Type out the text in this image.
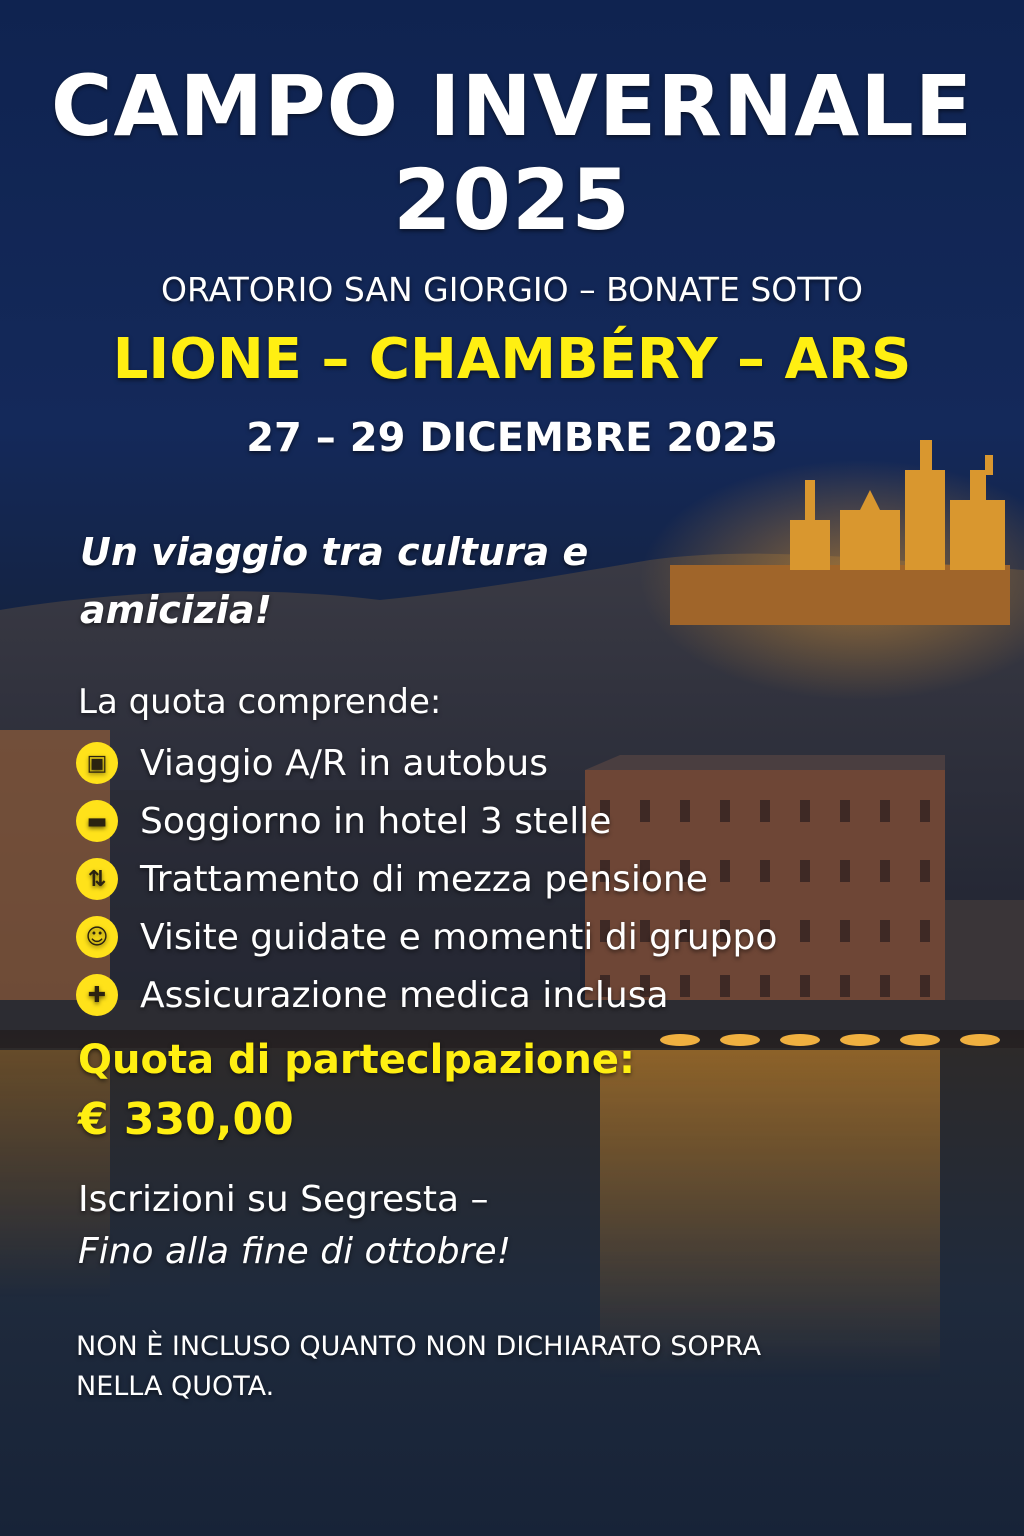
CAMPO INVERNALE
2025
ORATORIO SAN GIORGIO – BONATE SOTTO
LIONE – CHAMBÉRY – ARS
27 – 29 DICEMBRE 2025
Un viaggio tra cultura e
amicizia!
La quota comprende:
▣ Viaggio A/R in autobus
▬ Soggiorno in hotel 3 stelle
⇅ Trattamento di mezza pensione
☺ Visite guidate e momenti di gruppo
✚ Assicurazione medica inclusa
Quota di parteclpazione:
€ 330,00
Iscrizioni su Segresta –
Fino alla fine di ottobre!
NON È INCLUSO QUANTO NON DICHIARATO SOPRA
NELLA QUOTA.
